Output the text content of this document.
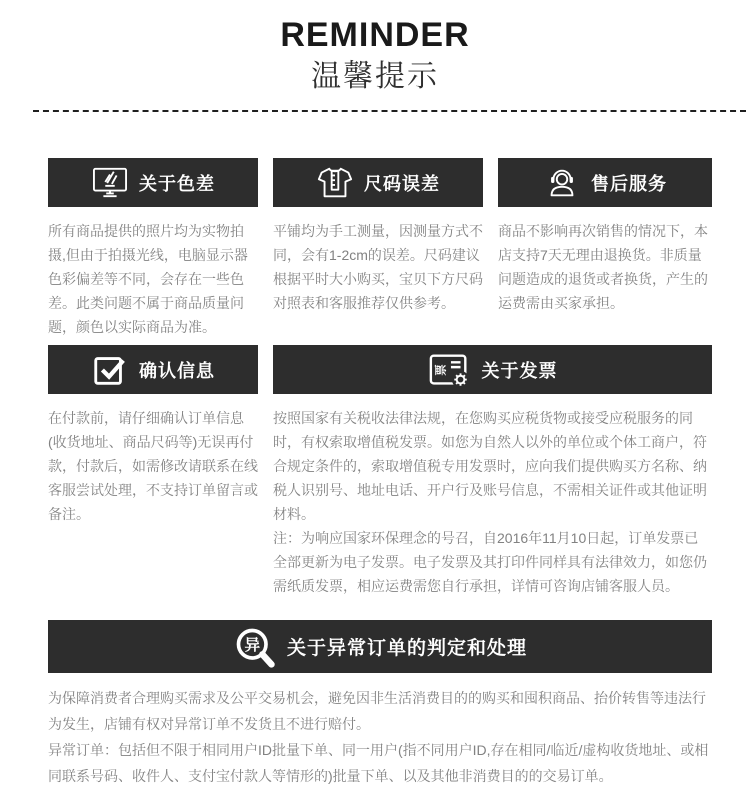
REMINDER
温馨提示
关于色差

所有商品提供的照片均为实物拍摄,但由于拍摄光线，电脑显示器色彩偏差等不同，会存在一些色差。此类问题不属于商品质量问题，颜色以实际商品为准。

尺码误差

平铺均为手工测量，因测量方式不同，会有1-2cm的误差。尺码建议根据平时大小购买，宝贝下方尺码对照表和客服推荐仅供参考。

售后服务

商品不影响再次销售的情况下，本店支持7天无理由退换货。非质量问题造成的退货或者换货，产生的运费需由买家承担。

确认信息

在付款前，请仔细确认订单信息(收货地址、商品尺码等)无误再付款，付款后，如需修改请联系在线客服尝试处理，不支持订单留言或备注。

票 关于发票

按照国家有关税收法律法规，在您购买应税货物或接受应税服务的同时，有权索取增值税发票。如您为自然人以外的单位或个体工商户，符合规定条件的，索取增值税专用发票时，应向我们提供购买方名称、纳税人识别号、地址电话、开户行及账号信息，不需相关证件或其他证明材料。

注：为响应国家环保理念的号召，自2016年11月10日起，订单发票已全部更新为电子发票。电子发票及其打印件同样具有法律效力，如您仍需纸质发票，相应运费需您自行承担，详情可咨询店铺客服人员。

异 关于异常订单的判定和处理
为保障消费者合理购买需求及公平交易机会，避免因非生活消费目的的购买和囤积商品、抬价转售等违法行为发生，店铺有权对异常订单不发货且不进行赔付。
异常订单：包括但不限于相同用户ID批量下单、同一用户(指不同用户ID,存在相同/临近/虚构收货地址、或相同联系号码、收件人、支付宝付款人等情形的)批量下单、以及其他非消费目的的交易订单。
